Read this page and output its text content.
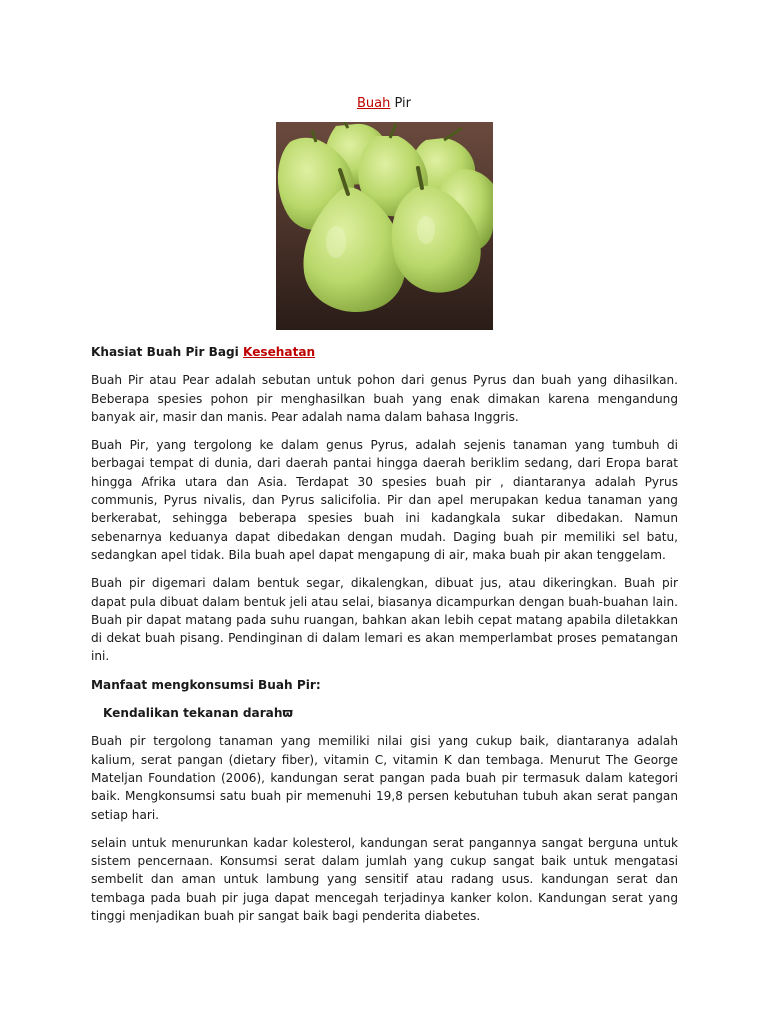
Buah Pir

Khasiat Buah Pir Bagi Kesehatan

Buah Pir atau Pear adalah sebutan untuk pohon dari genus Pyrus dan buah yang dihasilkan. Beberapa spesies pohon pir menghasilkan buah yang enak dimakan karena mengandung banyak air, masir dan manis. Pear adalah nama dalam bahasa Inggris.

Buah Pir, yang tergolong ke dalam genus Pyrus, adalah sejenis tanaman yang tumbuh di berbagai tempat di dunia, dari daerah pantai hingga daerah beriklim sedang, dari Eropa barat hingga Afrika utara dan Asia. Terdapat 30 spesies buah pir , diantaranya adalah Pyrus communis, Pyrus nivalis, dan Pyrus salicifolia. Pir dan apel merupakan kedua tanaman yang berkerabat, sehingga beberapa spesies buah ini kadangkala sukar dibedakan. Namun sebenarnya keduanya dapat dibedakan dengan mudah. Daging buah pir memiliki sel batu, sedangkan apel tidak. Bila buah apel dapat mengapung di air, maka buah pir akan tenggelam.

Buah pir digemari dalam bentuk segar, dikalengkan, dibuat jus, atau dikeringkan. Buah pir dapat pula dibuat dalam bentuk jeli atau selai, biasanya dicampurkan dengan buah-buahan lain. Buah pir dapat matang pada suhu ruangan, bahkan akan lebih cepat matang apabila diletakkan di dekat buah pisang. Pendinginan di dalam lemari es akan memperlambat proses pematangan ini.

Manfaat mengkonsumsi Buah Pir:

Kendalikan tekanan darahϖ

Buah pir tergolong tanaman yang memiliki nilai gisi yang cukup baik, diantaranya adalah kalium, serat pangan (dietary fiber), vitamin C, vitamin K dan tembaga. Menurut The George Mateljan Foundation (2006), kandungan serat pangan pada buah pir termasuk dalam kategori baik. Mengkonsumsi satu buah pir memenuhi 19,8 persen kebutuhan tubuh akan serat pangan setiap hari.

selain untuk menurunkan kadar kolesterol, kandungan serat pangannya sangat berguna untuk sistem pencernaan. Konsumsi serat dalam jumlah yang cukup sangat baik untuk mengatasi sembelit dan aman untuk lambung yang sensitif atau radang usus. kandungan serat dan tembaga pada buah pir juga dapat mencegah terjadinya kanker kolon. Kandungan serat yang tinggi menjadikan buah pir sangat baik bagi penderita diabetes.
